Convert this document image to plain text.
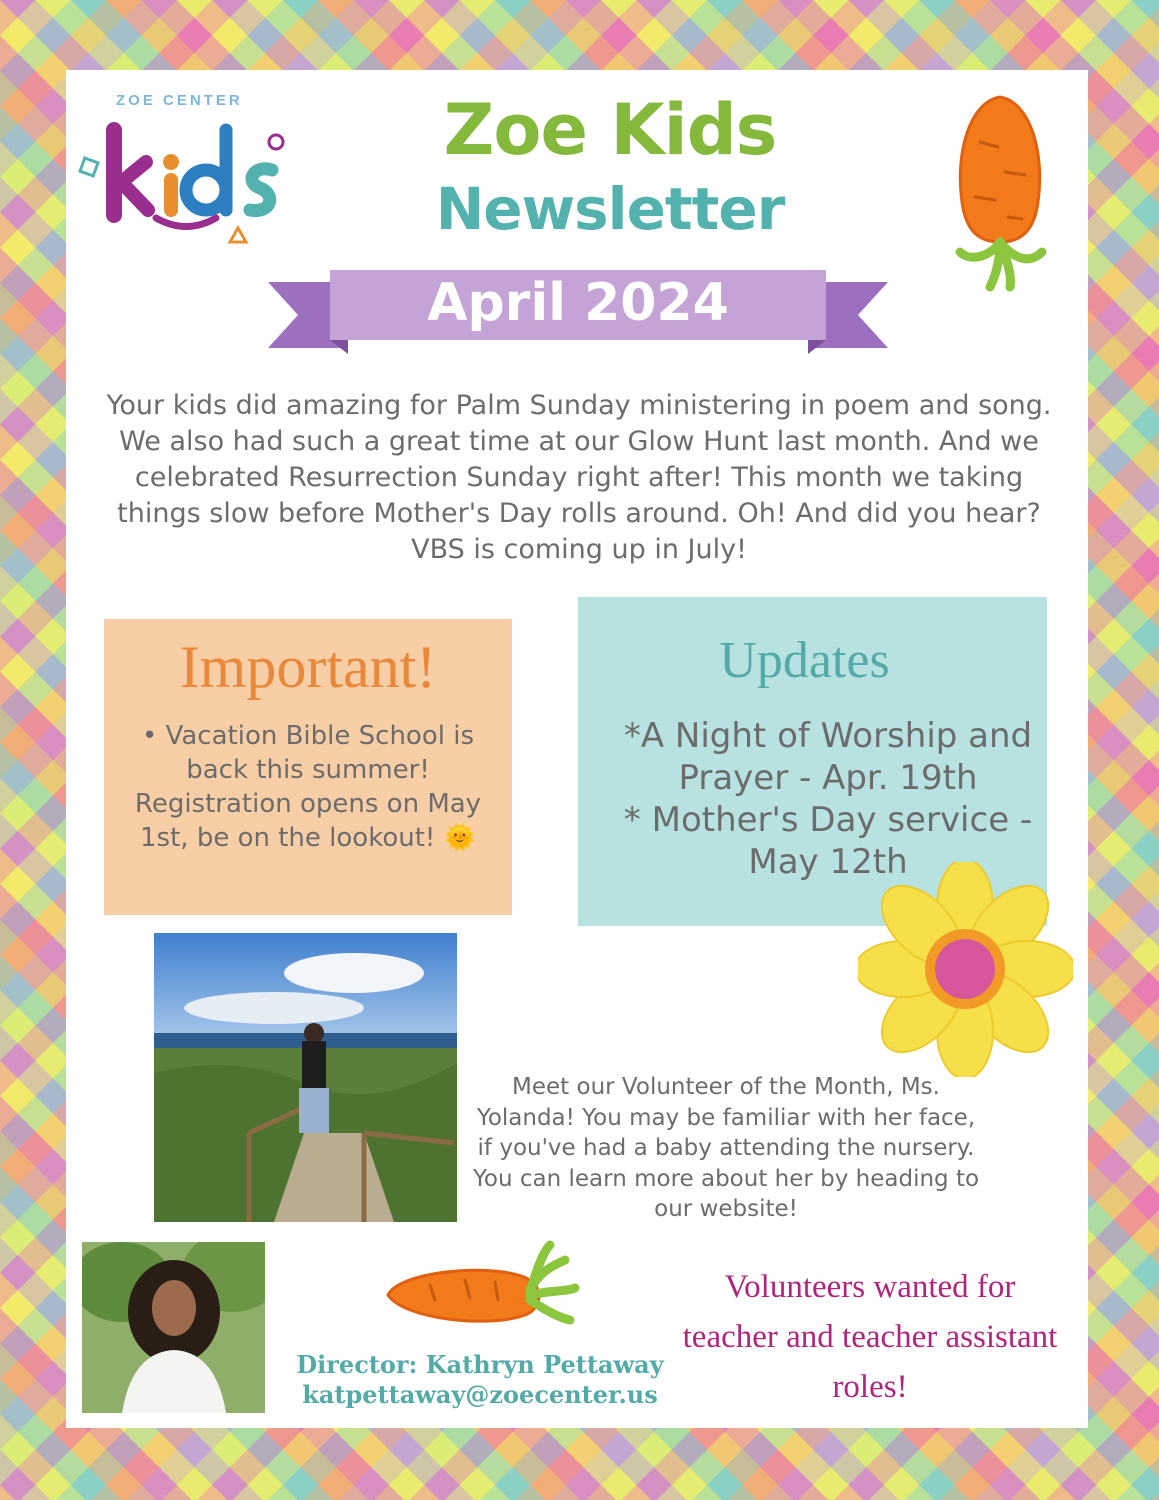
ZOE CENTER	Zoe Kids
Newsletter
April 2024
Your kids did amazing for Palm Sunday ministering in poem and song. We also had such a great time at our Glow Hunt last month. And we celebrated Resurrection Sunday right after! This month we taking things slow before Mother's Day rolls around. Oh! And did you hear? VBS is coming up in July!
Important!
• Vacation Bible School is back this summer! Registration opens on May 1st, be on the lookout! 🌞
Updates
*A Night of Worship and Prayer - Apr. 19th
* Mother's Day service - May 12th
Meet our Volunteer of the Month, Ms. Yolanda! You may be familiar with her face, if you've had a baby attending the nursery. You can learn more about her by heading to our website!
Director: Kathryn Pettaway
katpettaway@zoecenter.us
Volunteers wanted for teacher and teacher assistant roles!
